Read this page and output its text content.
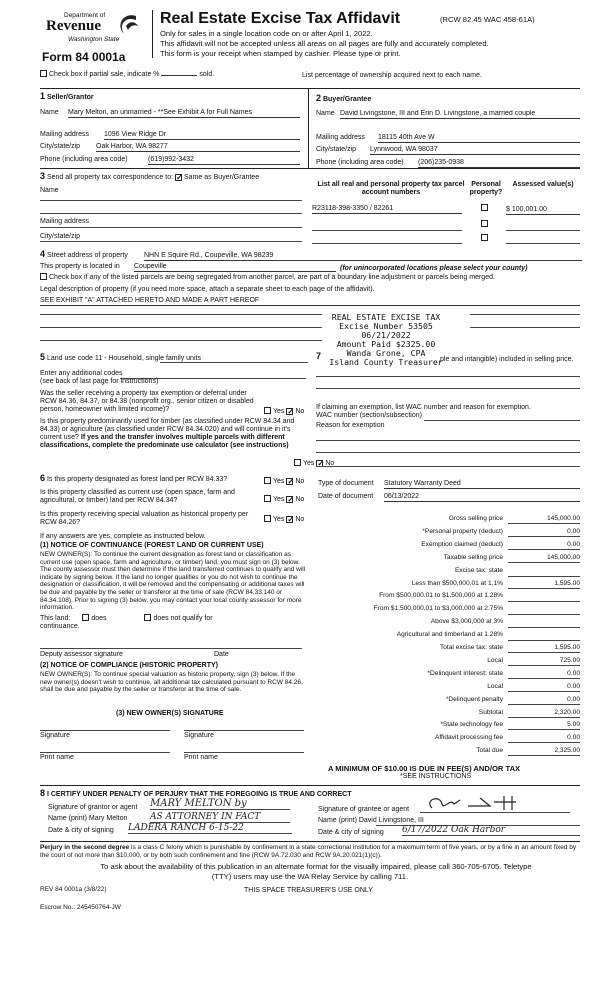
Department of
Revenue
Washington State
Form 84 0001a
Real Estate Excise Tax Affidavit	(RCW 82.45 WAC 458-61A)
Only for sales in a single location code on or after April 1, 2022.
This affidavit will not be accepted unless all areas on all pages are fully and accurately completed.
This form is your receipt when stamped by cashier. Please type or print.
Check box if partial sale, indicate %	sold.	List percentage of ownership acquired next to each name.
1 Seller/Grantor
Name Mary Melton, an unmarried - **See Exhibit A for Full Names
Mailing address 1096 View Ridge Dr
City/state/zip Oak Harbor, WA 98277
Phone (including area code)	(619)992-3432
2 Buyer/Grantee
Name David Livingstone, III and Erin D. Livingstone, a married couple
Mailing address 18115 40th Ave W
City/state/zip Lynnwood, WA 98037
Phone (including area code) (206)235-0938
3 Send all property tax correspondence to: ✓ Same as Buyer/Grantee
Name
Mailing address
City/state/zip
List all real and personal property tax parcel account numbers
Personal property?
Assessed value(s)
R23118-398-3350 / 82261	$ 100,001.00
4 Street address of property NHN E Squire Rd., Coupeville, WA 98239
This property is located in Coupeville	(for unincorporated locations please select your county)
Check box if any of the listed parcels are being segregated from another parcel, are part of a boundary line adjustment or parcels being merged.
Legal description of property (if you need more space, attach a separate sheet to each page of the affidavit).
SEE EXHIBIT "A" ATTACHED HERETO AND MADE A PART HEREOF
REAL ESTATE EXCISE TAX
Excise Number 53505
06/21/2022
Amount Paid $2325.00
Wanda Grone, CPA
Island County Treasurer
5 Land use code 11 - Household, single family units
Enter any additional codes
(see back of last page for instructions)
Was the seller receiving a property tax exemption or deferral under RCW 84.36, 84.37, or 84.38 (nonprofit org., senior citizen or disabled person, homeowner with limited income)?	Yes ✓ No
Is this property predominantly used for timber (as classified under RCW 84.34 and 84.33) or agriculture (as classified under RCW 84.34.020) and will continue in it's current use? If yes and the transfer involves multiple parcels with different classifications, complete the predominate use calculator (see instructions)
Yes ✓ No
7	ple and intangible) included in selling price.
If claiming an exemption, list WAC number and reason for exemption.
WAC number (section/subsection)
Reason for exemption
6 Is this property designated as forest land per RCW 84.33?	Yes ✓ No
Is this property classified as current use (open space, farm and agricultural, or timber) land per RCW 84.34?	Yes ✓ No
Is this property receiving special valuation as historical property per RCW 84.26?	Yes ✓ No
If any answers are yes, complete as instructed below.
(1) NOTICE OF CONTINUANCE (FOREST LAND OR CURRENT USE)
NEW OWNER(S): To continue the current designation as forest land or classification as current use (open space, farm and agriculture, or timber) land, you must sign on (3) below. The county assessor must then determine if the land transferred continues to qualify and will indicate by signing below. If the land no longer qualifies or you do not wish to continue the designation or classification, it will be removed and the compensating or additional taxes will be due and payable by the seller or transferor at the time of sale (RCW 84.33.140 or 84.34.108). Prior to signing (3) below, you may contact your local county assessor for more information.
This land:	does	does not qualify for
continuance.
Deputy assessor signature	Date
(2) NOTICE OF COMPLIANCE (HISTORIC PROPERTY)
NEW OWNER(S): To continue special valuation as historic property, sign (3) below. If the new owner(s) doesn't wish to continue, all additional tax calculated pursuant to RCW 84.26, shall be due and payable by the seller or transferor at the time of sale.
(3) NEW OWNER(S) SIGNATURE
Signature	Signature
Print name	Print name
Type of document Statutory Warranty Deed
Date of document 06/13/2022
Gross selling price	145,000.00
*Personal property (deduct)	0.00
Exemption claimed (deduct)	0.00
Taxable selling price	145,000.00
Excise tax: state
Less than $500,000.01 at 1.1%	1,595.00
From $500,000.01 to $1,500,000 at 1.28%
From $1,500,000.01 to $3,000,000 at 2.75%
Above $3,000,000 at 3%
Agricultural and timberland at 1.28%
Total excise tax: state	1,595.00
Local	725.00
*Delinquent interest: state	0.00
Local	0.00
*Delinquent penalty	0.00
Subtotal	2,320.00
*State technology fee	5.00
Affidavit processing fee	0.00
Total due	2,325.00
A MINIMUM OF $10.00 IS DUE IN FEE(S) AND/OR TAX
*SEE INSTRUCTIONS
8 I CERTIFY UNDER PENALTY OF PERJURY THAT THE FOREGOING IS TRUE AND CORRECT
Signature of grantor or agent MARY MELTON by
Name (print) Mary Melton	AS ATTORNEY IN FACT
Date & city of signing LADERA RANCH 6-15-22
Signature of grantee or agent
Name (print) David Livingstone, III
Date & city of signing 6/17/2022 Oak Harbor
Perjury in the second degree is a class C felony which is punishable by confinement in a state correctional institution for a maximum term of five years, or by a fine in an amount fixed by the court of not more than $10,000, or by both such confinement and fine (RCW 9A.72.030 and RCW 9A.20.021(1)(c)).
To ask about the availability of this publication in an alternate format for the visually impaired, please call 360-705-6705. Teletype
(TTY) users may use the WA Relay Service by calling 711.
REV 84 0001a (3/8/22)	THIS SPACE TREASURER'S USE ONLY
Escrow No.: 245450764-JW
